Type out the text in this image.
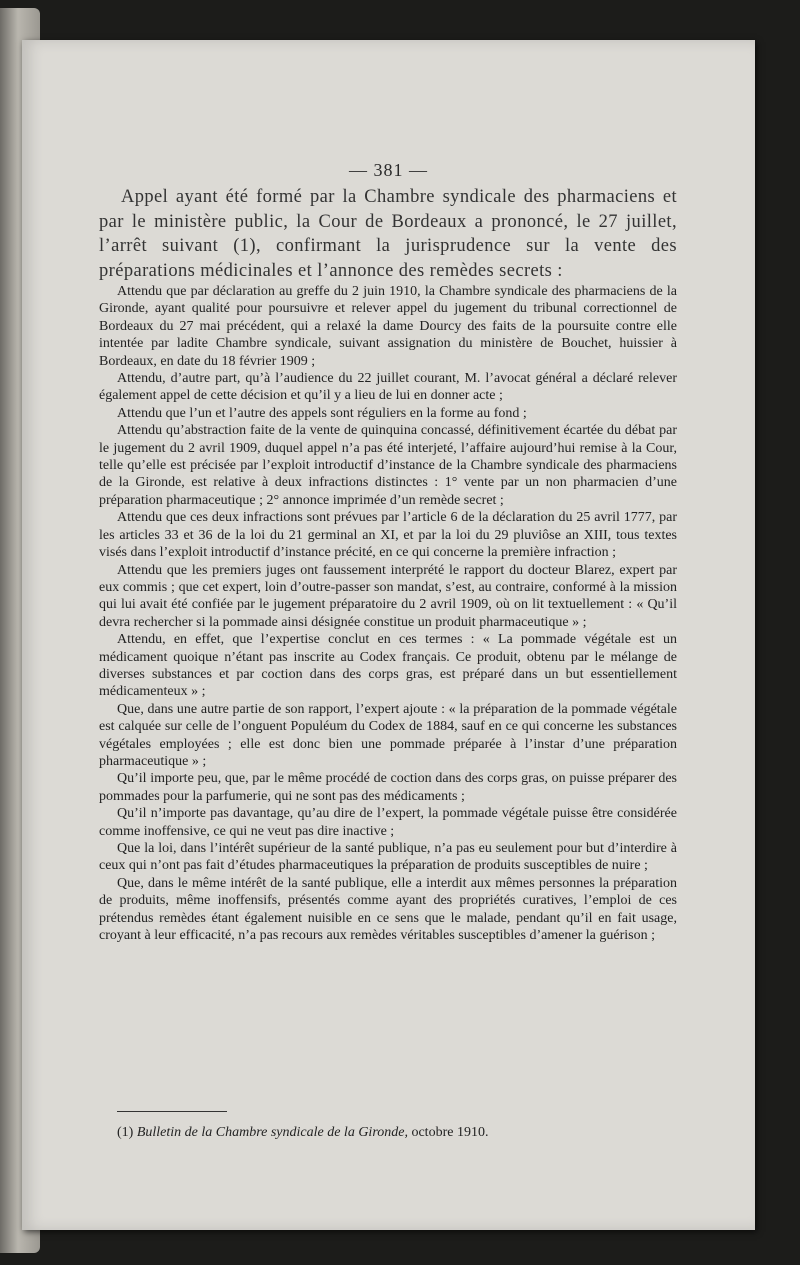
— 381 —
Appel ayant été formé par la Chambre syndicale des pharmaciens et par le ministère public, la Cour de Bordeaux a prononcé, le 27 juillet, l’arrêt suivant (1), confirmant la jurisprudence sur la vente des préparations médicinales et l’annonce des remèdes secrets :

Attendu que par déclaration au greffe du 2 juin 1910, la Chambre syndicale des pharmaciens de la Gironde, ayant qualité pour poursuivre et relever appel du jugement du tribunal correctionnel de Bordeaux du 27 mai précédent, qui a relaxé la dame Dourcy des faits de la poursuite contre elle intentée par ladite Chambre syndicale, suivant assignation du ministère de Bouchet, huissier à Bordeaux, en date du 18 février 1909 ;

Attendu, d’autre part, qu’à l’audience du 22 juillet courant, M. l’avocat général a déclaré relever également appel de cette décision et qu’il y a lieu de lui en donner acte ;

Attendu que l’un et l’autre des appels sont réguliers en la forme au fond ;

Attendu qu’abstraction faite de la vente de quinquina concassé, définitivement écartée du débat par le jugement du 2 avril 1909, duquel appel n’a pas été interjeté, l’affaire aujourd’hui remise à la Cour, telle qu’elle est précisée par l’exploit introductif d’instance de la Chambre syndicale des pharmaciens de la Gironde, est relative à deux infractions distinctes : 1° vente par un non pharmacien d’une préparation pharmaceutique ; 2° annonce imprimée d’un remède secret ;

Attendu que ces deux infractions sont prévues par l’article 6 de la déclaration du 25 avril 1777, par les articles 33 et 36 de la loi du 21 germinal an XI, et par la loi du 29 pluviôse an XIII, tous textes visés dans l’exploit introductif d’instance précité, en ce qui concerne la première infraction ;

Attendu que les premiers juges ont faussement interprété le rapport du docteur Blarez, expert par eux commis ; que cet expert, loin d’outre-passer son mandat, s’est, au contraire, conformé à la mission qui lui avait été confiée par le jugement préparatoire du 2 avril 1909, où on lit textuellement : « Qu’il devra rechercher si la pommade ainsi désignée constitue un produit pharmaceutique » ;

Attendu, en effet, que l’expertise conclut en ces termes : « La pommade végétale est un médicament quoique n’étant pas inscrite au Codex français. Ce produit, obtenu par le mélange de diverses substances et par coction dans des corps gras, est préparé dans un but essentiellement médicamenteux » ;

Que, dans une autre partie de son rapport, l’expert ajoute : « la préparation de la pommade végétale est calquée sur celle de l’onguent Populéum du Codex de 1884, sauf en ce qui concerne les substances végétales employées ; elle est donc bien une pommade préparée à l’instar d’une préparation pharmaceutique » ;

Qu’il importe peu, que, par le même procédé de coction dans des corps gras, on puisse préparer des pommades pour la parfumerie, qui ne sont pas des médicaments ;

Qu’il n’importe pas davantage, qu’au dire de l’expert, la pommade végétale puisse être considérée comme inoffensive, ce qui ne veut pas dire inactive ;

Que la loi, dans l’intérêt supérieur de la santé publique, n’a pas eu seulement pour but d’interdire à ceux qui n’ont pas fait d’études pharmaceutiques la préparation de produits susceptibles de nuire ;

Que, dans le même intérêt de la santé publique, elle a interdit aux mêmes personnes la préparation de produits, même inoffensifs, présentés comme ayant des propriétés curatives, l’emploi de ces prétendus remèdes étant également nuisible en ce sens que le malade, pendant qu’il en fait usage, croyant à leur efficacité, n’a pas recours aux remèdes véritables susceptibles d’amener la guérison ;

(1) Bulletin de la Chambre syndicale de la Gironde, octobre 1910.
